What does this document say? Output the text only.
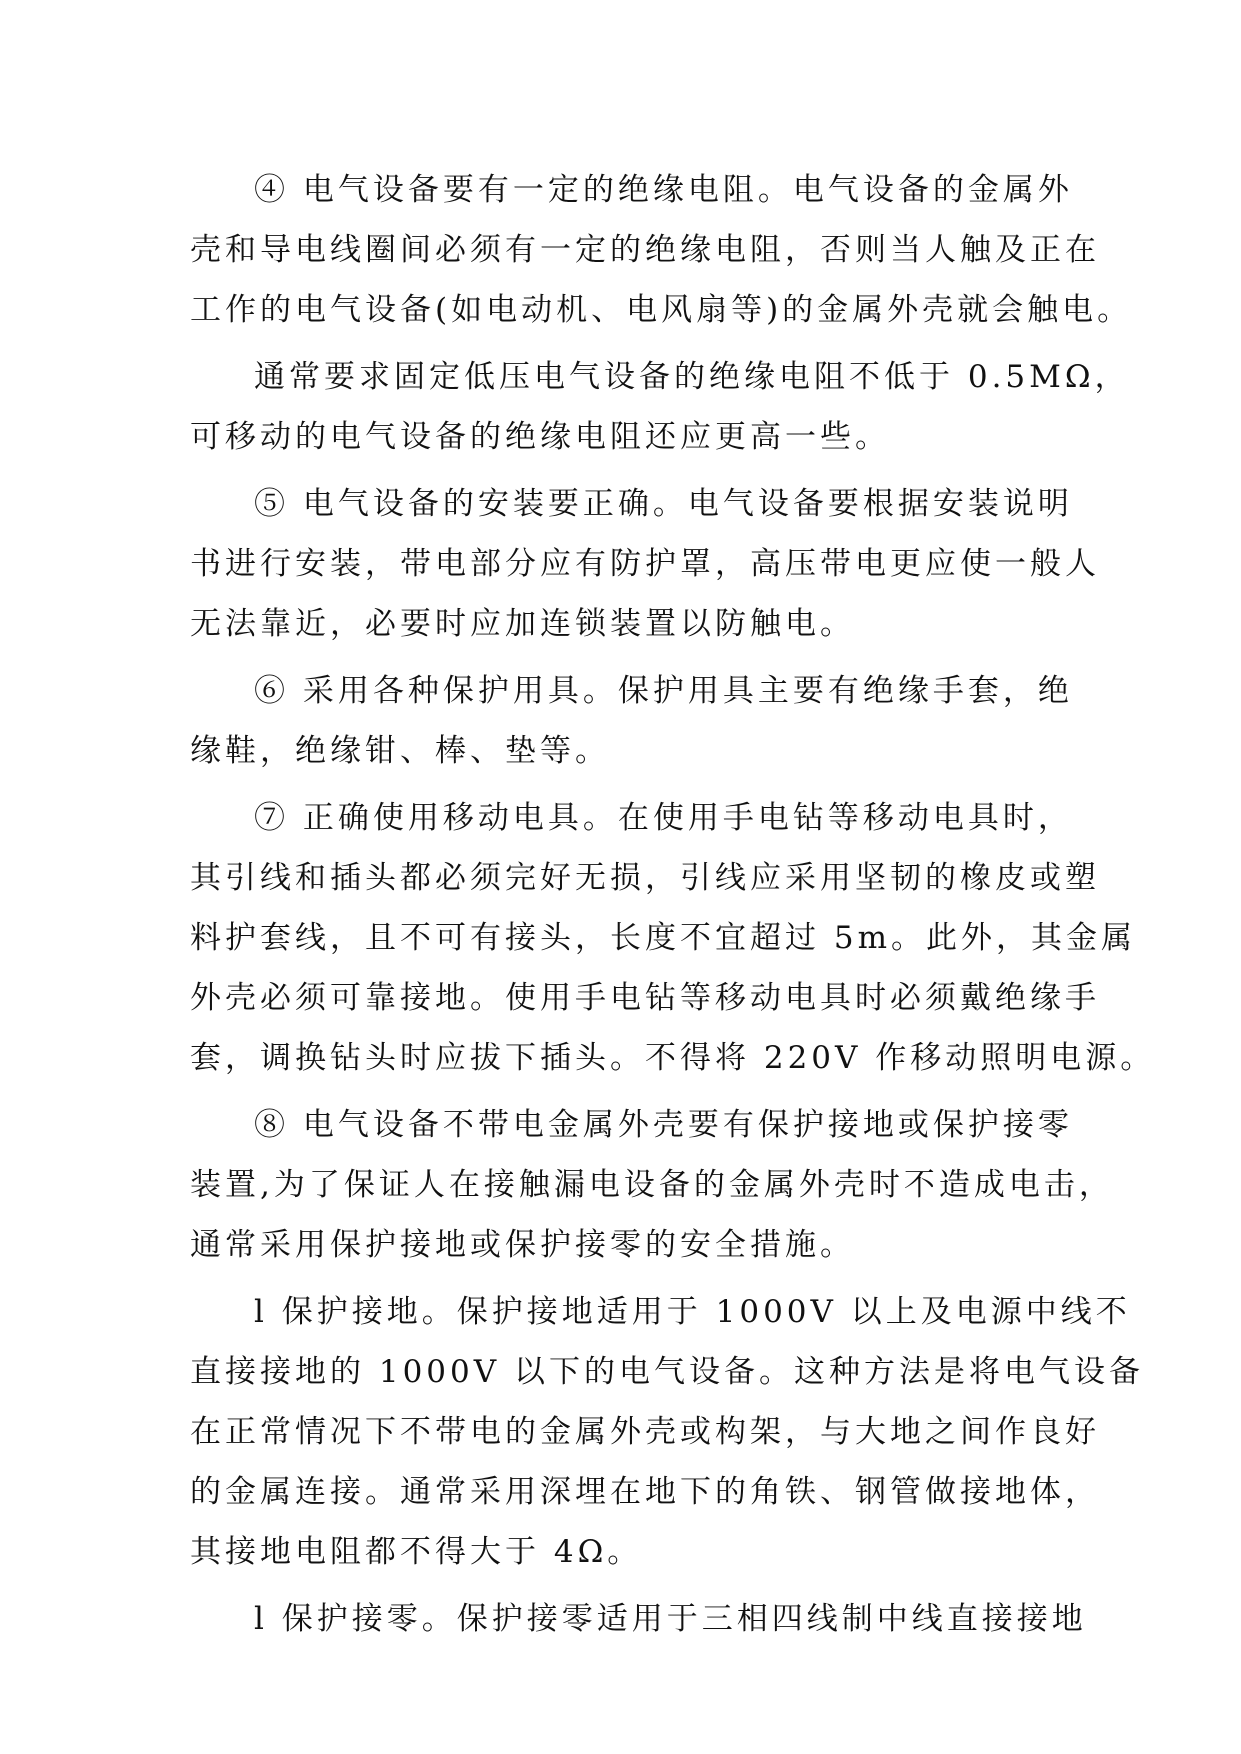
④ 电气设备要有一定的绝缘电阻。电气设备的金属外
壳和导电线圈间必须有一定的绝缘电阻，否则当人触及正在
工作的电气设备(如电动机、电风扇等)的金属外壳就会触电。
通常要求固定低压电气设备的绝缘电阻不低于 0.5MΩ，
可移动的电气设备的绝缘电阻还应更高一些。
⑤ 电气设备的安装要正确。电气设备要根据安装说明
书进行安装，带电部分应有防护罩，高压带电更应使一般人
无法靠近，必要时应加连锁装置以防触电。
⑥ 采用各种保护用具。保护用具主要有绝缘手套，绝
缘鞋，绝缘钳、棒、垫等。
⑦ 正确使用移动电具。在使用手电钻等移动电具时，
其引线和插头都必须完好无损，引线应采用坚韧的橡皮或塑
料护套线，且不可有接头，长度不宜超过 5m。此外，其金属
外壳必须可靠接地。使用手电钻等移动电具时必须戴绝缘手
套，调换钻头时应拔下插头。不得将 220V 作移动照明电源。
⑧ 电气设备不带电金属外壳要有保护接地或保护接零
装置,为了保证人在接触漏电设备的金属外壳时不造成电击，
通常采用保护接地或保护接零的安全措施。
l 保护接地。保护接地适用于 1000V 以上及电源中线不
直接接地的 1000V 以下的电气设备。这种方法是将电气设备
在正常情况下不带电的金属外壳或构架，与大地之间作良好
的金属连接。通常采用深埋在地下的角铁、钢管做接地体，
其接地电阻都不得大于 4Ω。
l 保护接零。保护接零适用于三相四线制中线直接接地
